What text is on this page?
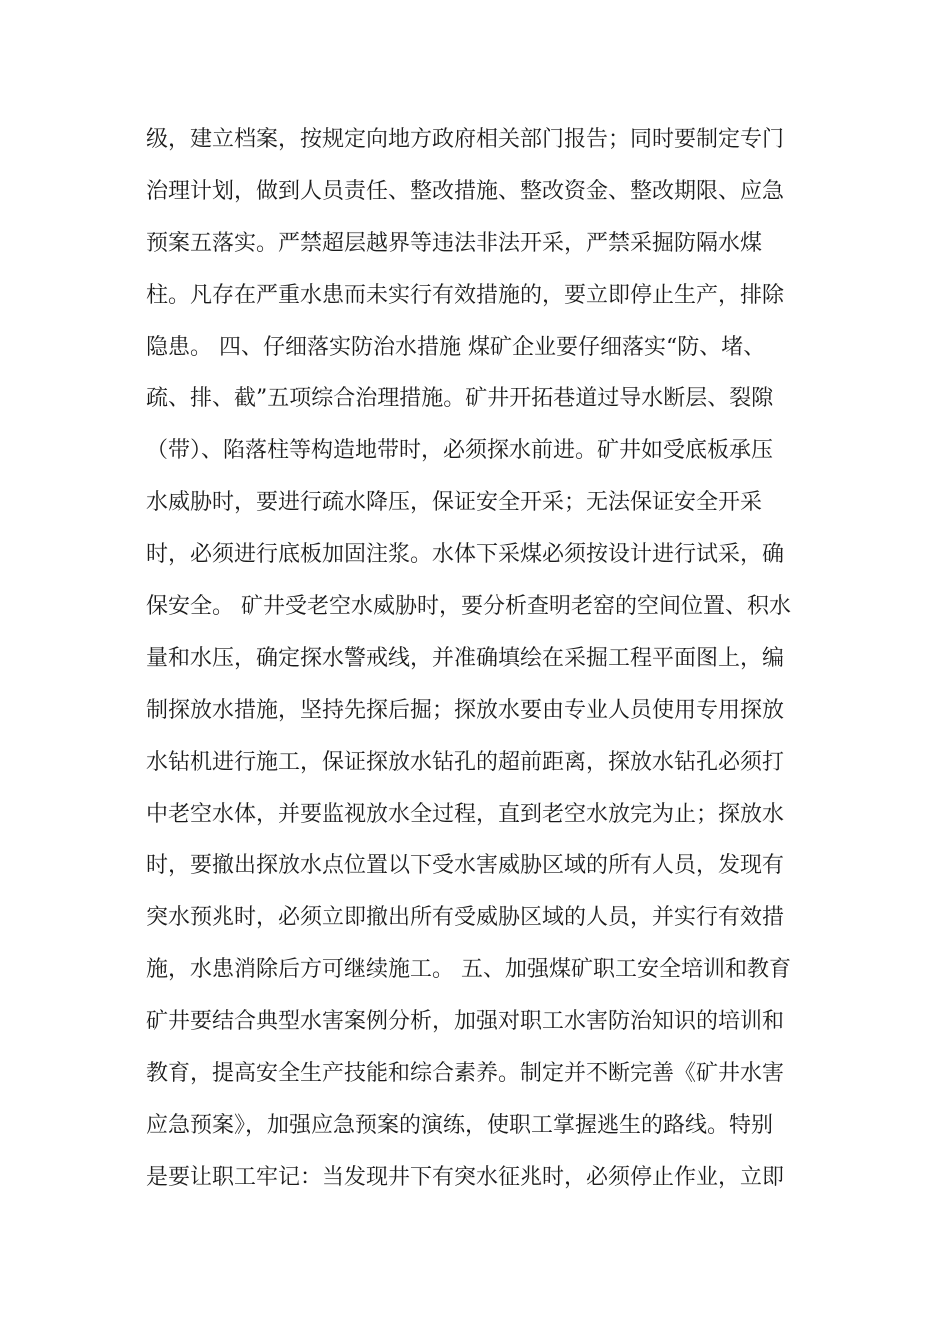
级，建立档案，按规定向地方政府相关部门报告；同时要制定专门
治理计划，做到人员责任、整改措施、整改资金、整改期限、应急
预案五落实。严禁超层越界等违法非法开采，严禁采掘防隔水煤
柱。凡存在严重水患而未实行有效措施的，要立即停止生产，排除
隐患。 四、仔细落实防治水措施 煤矿企业要仔细落实“防、堵、
疏、排、截”五项综合治理措施。矿井开拓巷道过导水断层、裂隙
（带）、陷落柱等构造地带时，必须探水前进。矿井如受底板承压
水威胁时，要进行疏水降压，保证安全开采；无法保证安全开采
时，必须进行底板加固注浆。水体下采煤必须按设计进行试采，确
保安全。 矿井受老空水威胁时，要分析查明老窑的空间位置、积水
量和水压，确定探水警戒线，并准确填绘在采掘工程平面图上，编
制探放水措施，坚持先探后掘；探放水要由专业人员使用专用探放
水钻机进行施工，保证探放水钻孔的超前距离，探放水钻孔必须打
中老空水体，并要监视放水全过程，直到老空水放完为止；探放水
时，要撤出探放水点位置以下受水害威胁区域的所有人员，发现有
突水预兆时，必须立即撤出所有受威胁区域的人员，并实行有效措
施，水患消除后方可继续施工。 五、加强煤矿职工安全培训和教育
矿井要结合典型水害案例分析，加强对职工水害防治知识的培训和
教育，提高安全生产技能和综合素养。制定并不断完善《矿井水害
应急预案》，加强应急预案的演练，使职工掌握逃生的路线。特别
是要让职工牢记：当发现井下有突水征兆时，必须停止作业，立即
